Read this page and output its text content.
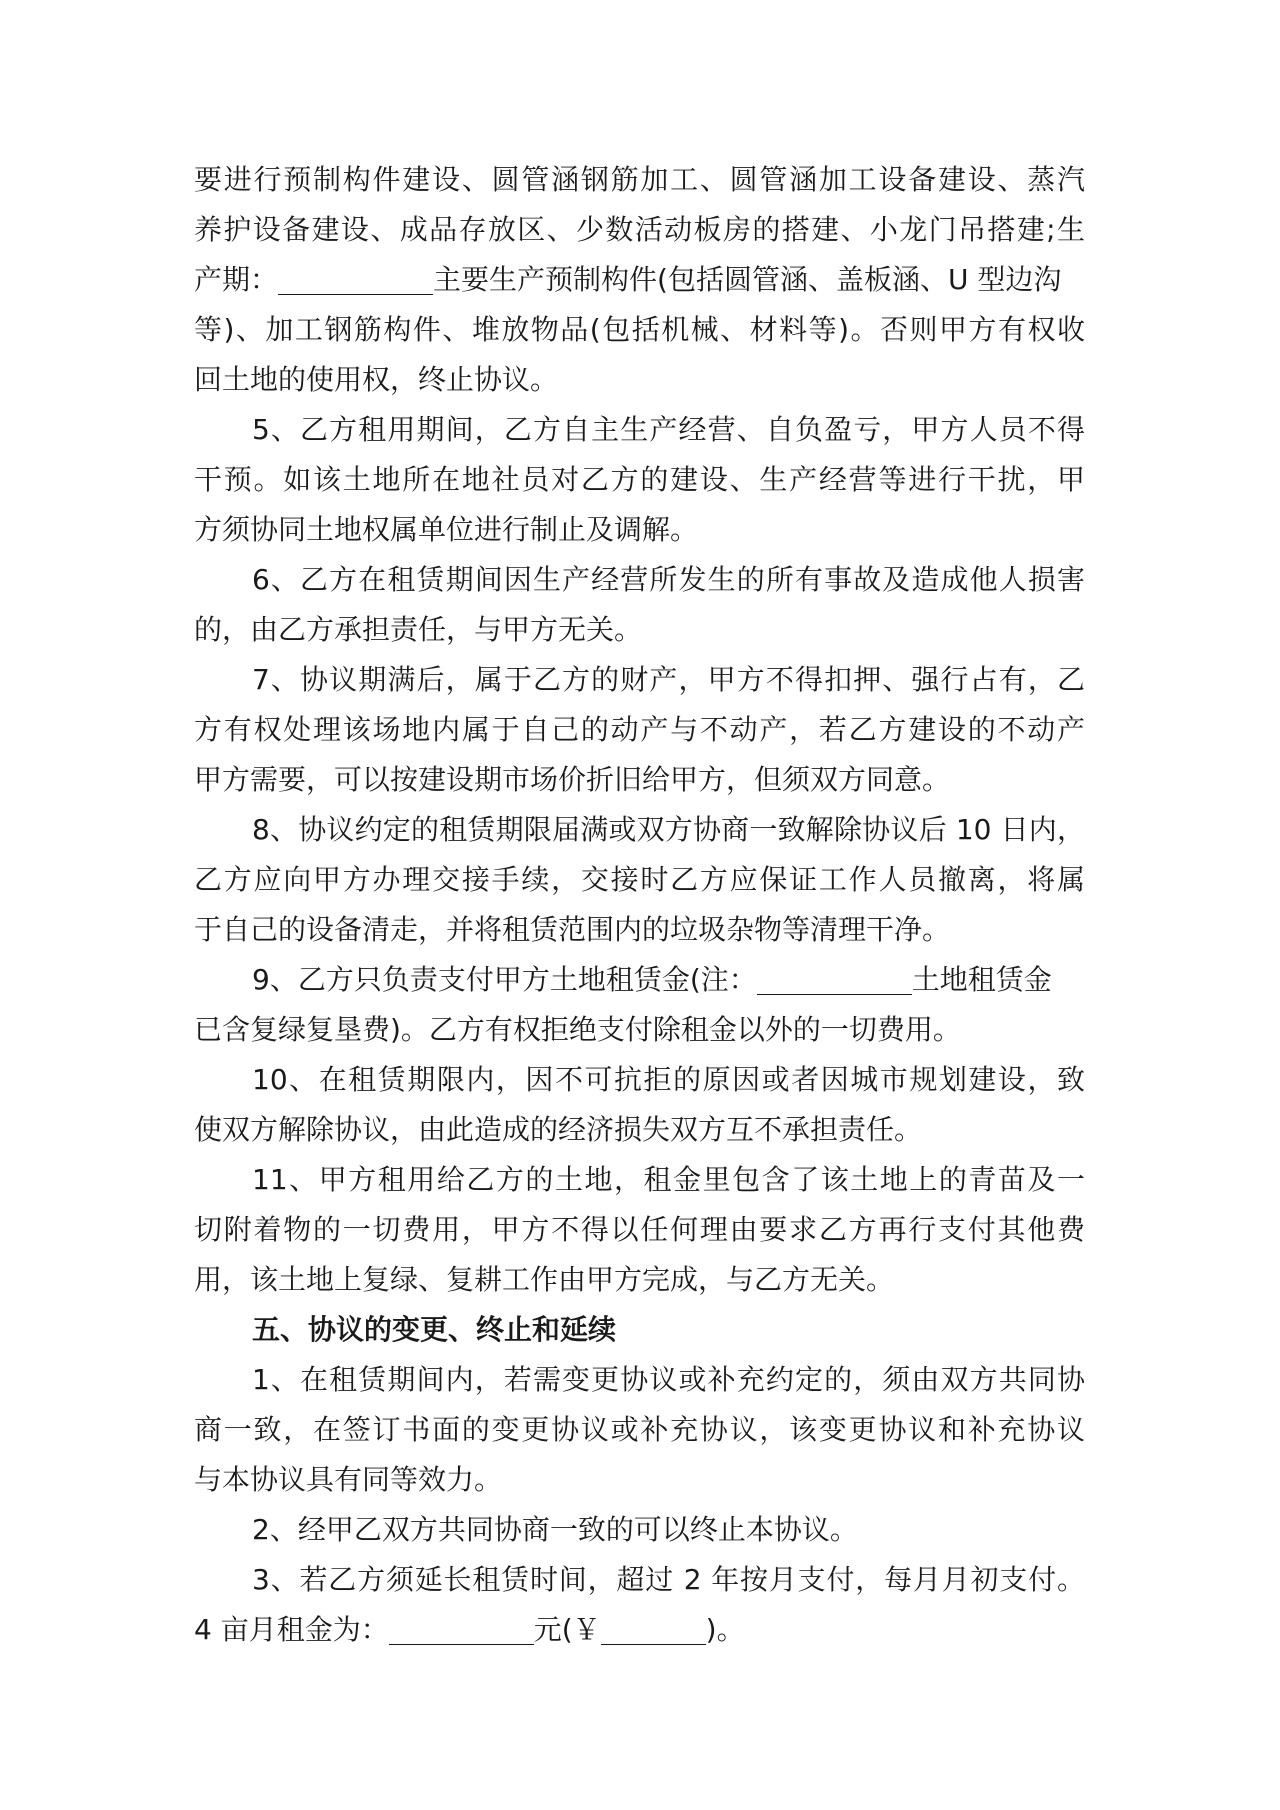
要进行预制构件建设、圆管涵钢筋加工、圆管涵加工设备建设、蒸汽
养护设备建设、成品存放区、少数活动板房的搭建、小龙门吊搭建;生
产期：	主要生产预制构件(包括圆管涵、盖板涵、U 型边沟
等)、加工钢筋构件、堆放物品(包括机械、材料等)。否则甲方有权收
回土地的使用权，终止协议。
5、乙方租用期间，乙方自主生产经营、自负盈亏，甲方人员不得
干预。如该土地所在地社员对乙方的建设、生产经营等进行干扰，甲
方须协同土地权属单位进行制止及调解。
6、乙方在租赁期间因生产经营所发生的所有事故及造成他人损害
的，由乙方承担责任，与甲方无关。
7、协议期满后，属于乙方的财产，甲方不得扣押、强行占有，乙
方有权处理该场地内属于自己的动产与不动产，若乙方建设的不动产
甲方需要，可以按建设期市场价折旧给甲方，但须双方同意。
8、协议约定的租赁期限届满或双方协商一致解除协议后 10 日内，
乙方应向甲方办理交接手续，交接时乙方应保证工作人员撤离，将属
于自己的设备清走，并将租赁范围内的垃圾杂物等清理干净。
9、乙方只负责支付甲方土地租赁金(注：	土地租赁金
已含复绿复垦费)。乙方有权拒绝支付除租金以外的一切费用。
10、在租赁期限内，因不可抗拒的原因或者因城市规划建设，致
使双方解除协议，由此造成的经济损失双方互不承担责任。
11、甲方租用给乙方的土地，租金里包含了该土地上的青苗及一
切附着物的一切费用，甲方不得以任何理由要求乙方再行支付其他费
用，该土地上复绿、复耕工作由甲方完成，与乙方无关。
五、协议的变更、终止和延续
1、在租赁期间内，若需变更协议或补充约定的，须由双方共同协
商一致，在签订书面的变更协议或补充协议，该变更协议和补充协议
与本协议具有同等效力。
2、经甲乙双方共同协商一致的可以终止本协议。
3、若乙方须延长租赁时间，超过 2 年按月支付，每月月初支付。
4 亩月租金为：	元(￥	)。
